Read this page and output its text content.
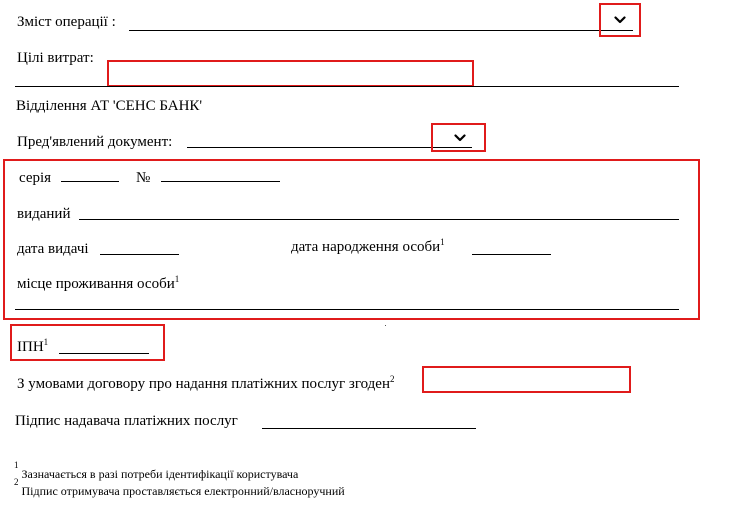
Зміст операції :
Цілі витрат:
Відділення АТ 'СЕНС БАНК'
Пред'явлений документ:
серія	№
виданий
дата видачі	дата народження особи$^1$
місце проживання особи$^1$
ІПН$^1$
З умовами договору про надання платіжних послуг згоден$^2$
Підпис надавача платіжних послуг
$^1$ Зазначається в разі потреби ідентифікації користувача
$^2$ Підпис отримувача проставляється електронний/власноручний
